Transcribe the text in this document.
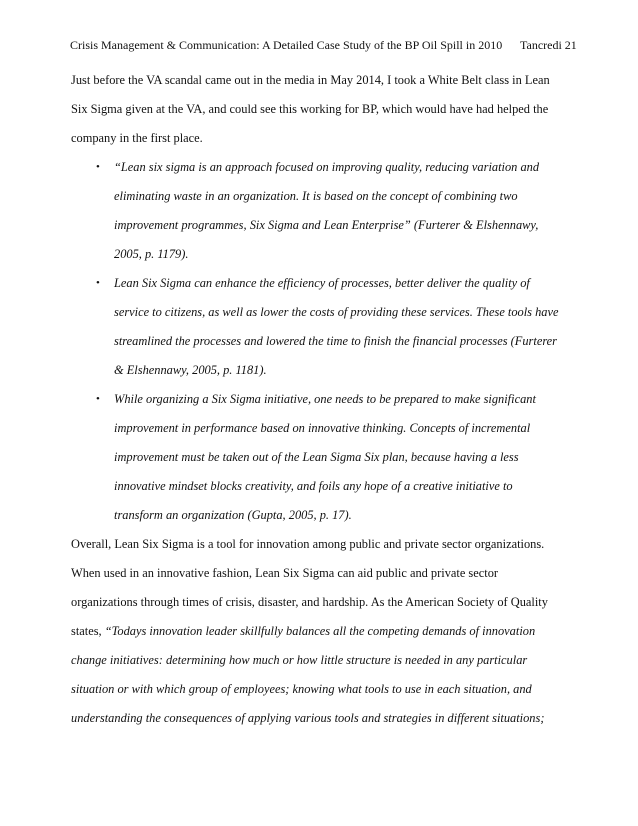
Crisis Management & Communication: A Detailed Case Study of the BP Oil Spill in 2010 Tancredi 21
Just before the VA scandal came out in the media in May 2014, I took a White Belt class in Lean
Six Sigma given at the VA, and could see this working for BP, which would have had helped the
company in the first place.
•	“Lean six sigma is an approach focused on improving quality, reducing variation and
eliminating waste in an organization. It is based on the concept of combining two
improvement programmes, Six Sigma and Lean Enterprise” (Furterer & Elshennawy,
2005, p. 1179).
•	Lean Six Sigma can enhance the efficiency of processes, better deliver the quality of
service to citizens, as well as lower the costs of providing these services. These tools have
streamlined the processes and lowered the time to finish the financial processes (Furterer
& Elshennawy, 2005, p. 1181).
•	While organizing a Six Sigma initiative, one needs to be prepared to make significant
improvement in performance based on innovative thinking. Concepts of incremental
improvement must be taken out of the Lean Sigma Six plan, because having a less
innovative mindset blocks creativity, and foils any hope of a creative initiative to
transform an organization (Gupta, 2005, p. 17).
Overall, Lean Six Sigma is a tool for innovation among public and private sector organizations.
When used in an innovative fashion, Lean Six Sigma can aid public and private sector
organizations through times of crisis, disaster, and hardship. As the American Society of Quality
states, “Todays innovation leader skillfully balances all the competing demands of innovation
change initiatives: determining how much or how little structure is needed in any particular
situation or with which group of employees; knowing what tools to use in each situation, and
understanding the consequences of applying various tools and strategies in different situations;
